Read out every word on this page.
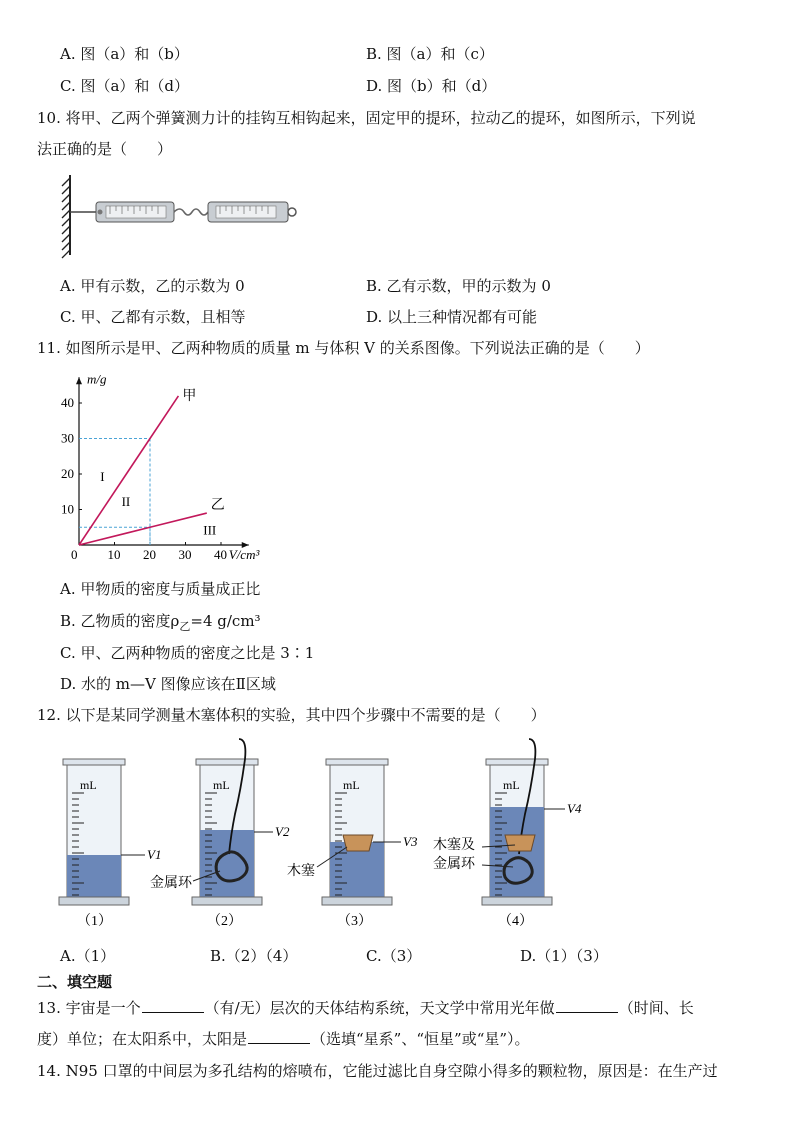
A. 图（a）和（b）	B. 图（a）和（c）
C. 图（a）和（d）	D. 图（b）和（d）
10. 将甲、乙两个弹簧测力计的挂钩互相钩起来，固定甲的提环，拉动乙的提环，如图所示，下列说
法正确的是（　　）
A. 甲有示数，乙的示数为 0	B. 乙有示数，甲的示数为 0
C. 甲、乙都有示数，且相等	D. 以上三种情况都有可能
11. 如图所示是甲、乙两种物质的质量 m 与体积 V 的关系图像。下列说法正确的是（　　）
0 10 20 30 40
10
20
30
40
m/g
V/cm³
甲
乙
I
II
III
A. 甲物质的密度与质量成正比
B. 乙物质的密度$\rho_乙=4$ g/cm³
C. 甲、乙两种物质的密度之比是 3∶1
D. 水的 m—V 图像应该在Ⅱ区域
12. 以下是某同学测量木塞体积的实验，其中四个步骤中不需要的是（　　）
mL
V1
mL
V2
金属环
mL
V3
木塞
mL
V4
木塞及
金属环
（1）	（2）	（3）	（4）
A.（1）	B.（2）（4）	C.（3）	D.（1）（3）
二、填空题
13. 宇宙是一个	（有/无）层次的天体结构系统，天文学中常用光年做	（时间、长
度）单位；在太阳系中，太阳是	（选填“星系”、“恒星”或“星”）。
14. N95 口罩的中间层为多孔结构的熔喷布，它能过滤比自身空隙小得多的颗粒物，原因是：在生产过
